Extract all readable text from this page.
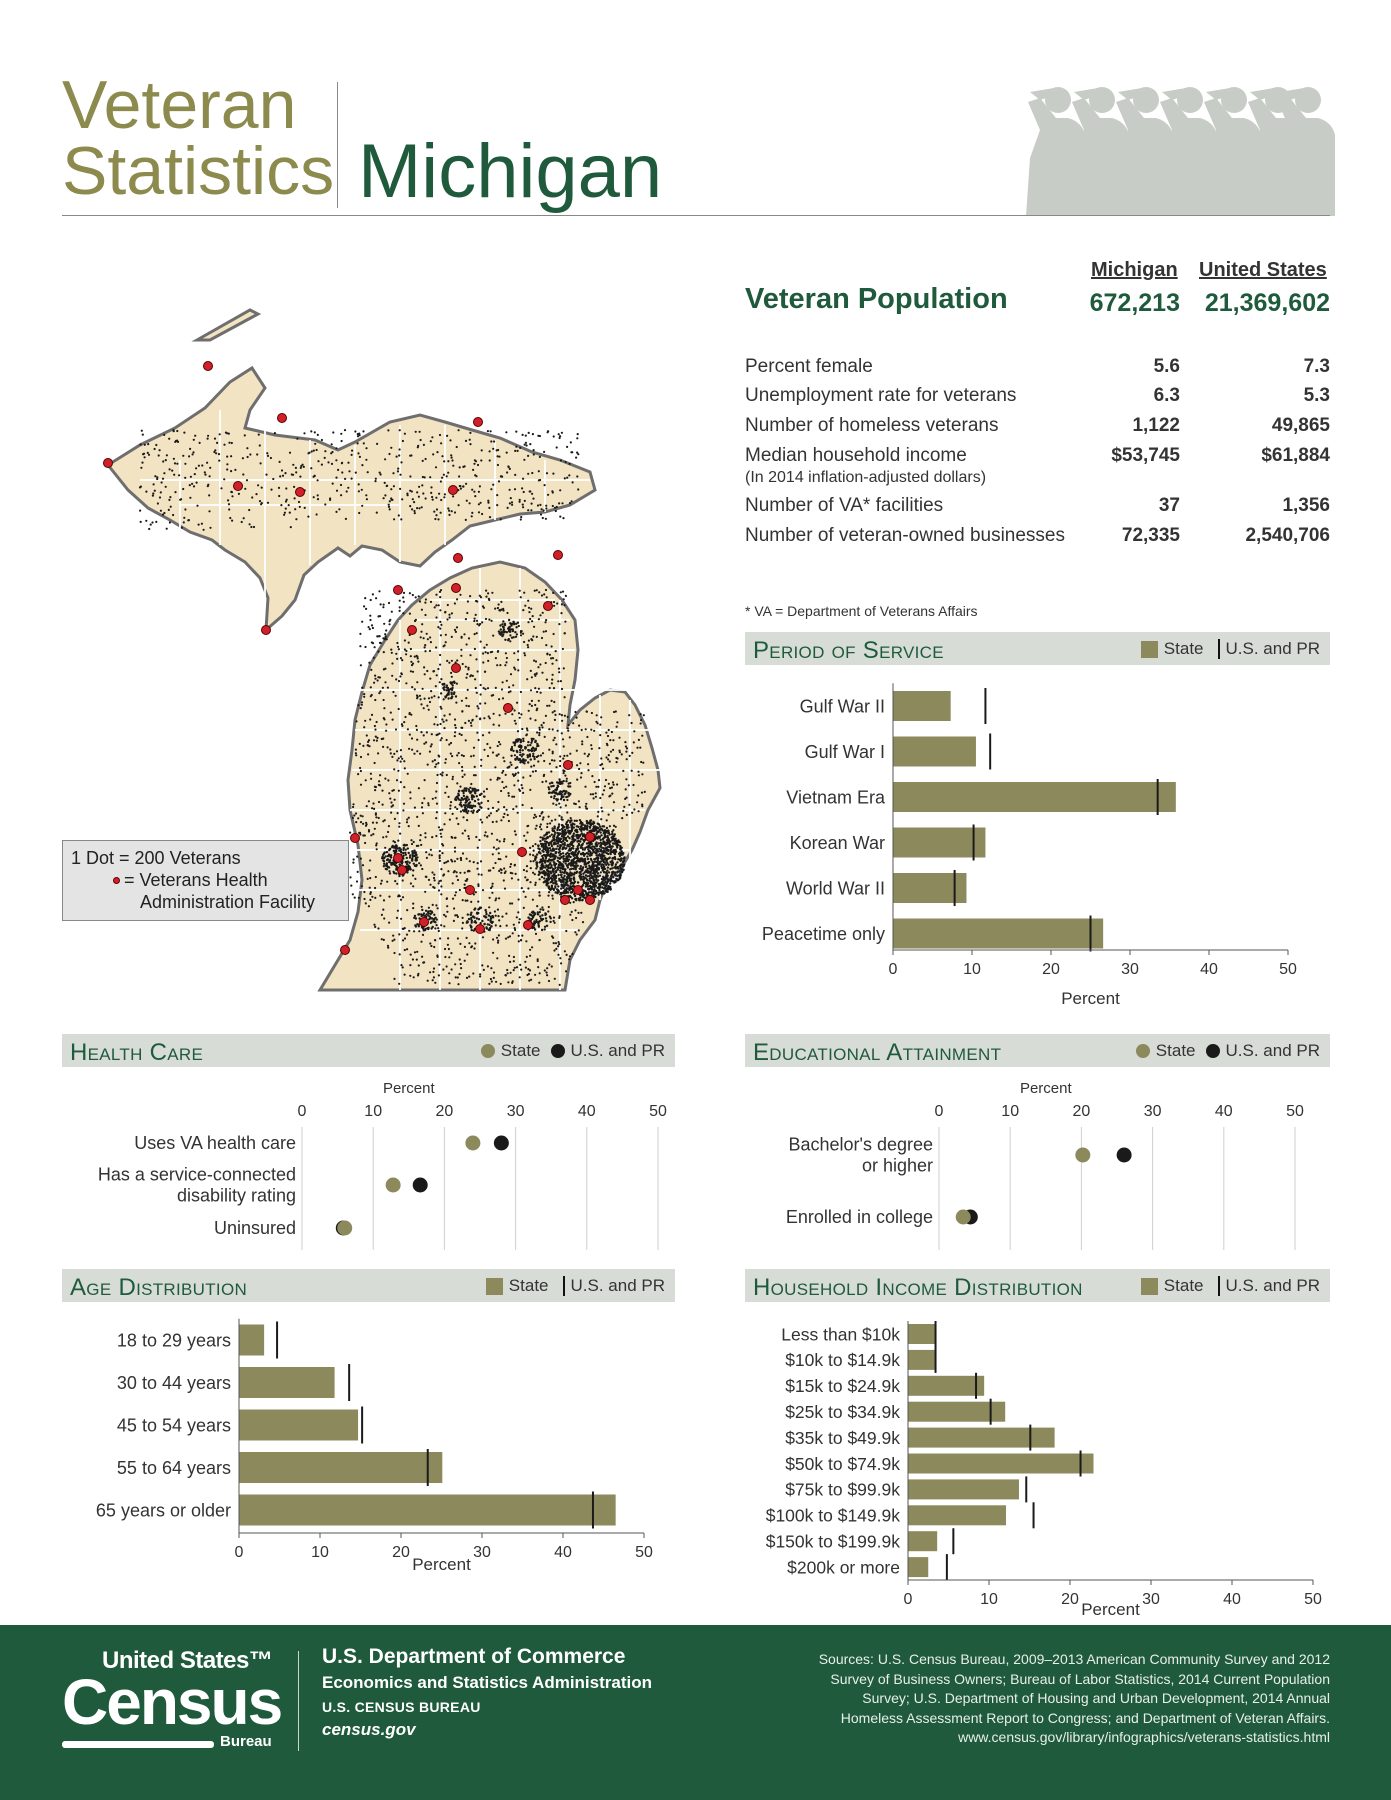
Veteran
Statistics Michigan
1 Dot = 200 Veterans
= Veterans Health
Administration Facility
Michigan United States
Veteran Population	672,213 21,369,602
Percent female	5.6	7.3
Unemployment rate for veterans	6.3	5.3
Number of homeless veterans	1,122	49,865
Median household income
(In 2014 inflation-adjusted dollars)
$53,745	$61,884
Number of VA* facilities	37	1,356
Number of veteran-owned businesses	72,335	2,540,706
* VA = Department of Veterans Affairs
Period of Service	State U.S. and PR
Gulf War II
Gulf War I
Vietnam Era
Korean War
World War II
Peacetime only
0	10	20	30	40	50
Percent
Health Care	State U.S. and PR
Percent
0	10	20	30	40	50
Uses VA health care
Has a service-connected
disability rating
Uninsured
Educational Attainment	State U.S. and PR
Percent
0	10	20	30	40	50
Bachelor's degree
or higher
Enrolled in college
Age Distribution	State U.S. and PR
18 to 29 years
30 to 44 years
45 to 54 years
55 to 64 years
65 years or older
0	10	20	30	40	50
Percent
Household Income Distribution	State U.S. and PR
Less than $10k
$10k to $14.9k
$15k to $24.9k
$25k to $34.9k
$35k to $49.9k
$50k to $74.9k
$75k to $99.9k
$100k to $149.9k
$150k to $199.9k
$200k or more
0	10	20	30	40	50
Percent
United States™
Census
Bureau
U.S. Department of Commerce
Economics and Statistics Administration
U.S. CENSUS BUREAU
census.gov
Sources: U.S. Census Bureau, 2009–2013 American Community Survey and 2012
Survey of Business Owners; Bureau of Labor Statistics, 2014 Current Population
Survey; U.S. Department of Housing and Urban Development, 2014 Annual
Homeless Assessment Report to Congress; and Department of Veteran Affairs.
www.census.gov/library/infographics/veterans-statistics.html
